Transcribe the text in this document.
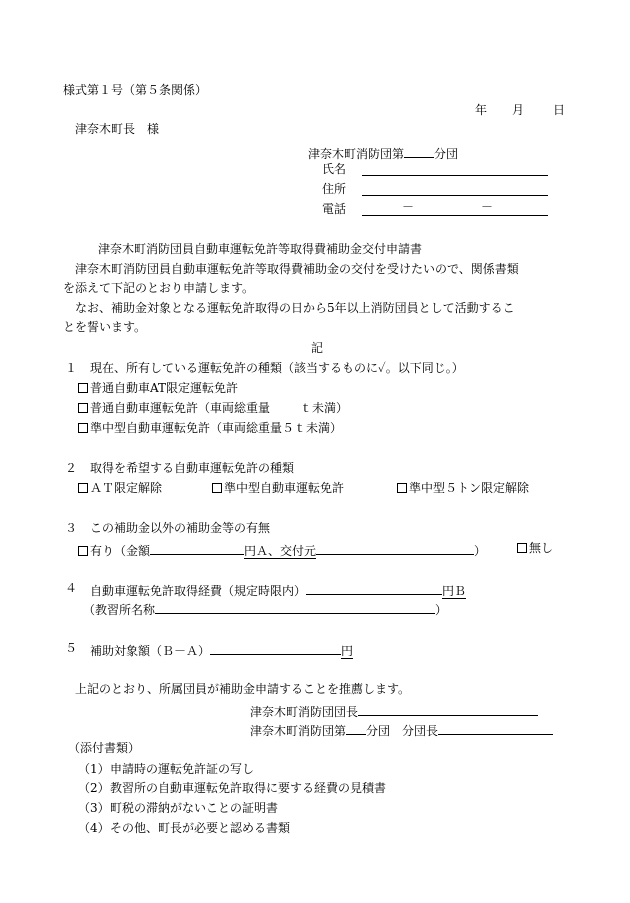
様式第１号（第５条関係）
年 月 日
津奈木町長　様
津奈木町消防団第	分団
氏名
住所
電話	－	－
津奈木町消防団員自動車運転免許等取得費補助金交付申請書
津奈木町消防団員自動車運転免許等取得費補助金の交付を受けたいので、関係書類
を添えて下記のとおり申請します。
なお、補助金対象となる運転免許取得の日から5年以上消防団員として活動するこ
とを誓います。
記
１ 現在、所有している運転免許の種類（該当するものに✓。以下同じ。）
普通自動車AT限定運転免許
普通自動車運転免許（車両総重量	ｔ未満）
準中型自動車運転免許（車両総重量５ｔ未満）
２ 取得を希望する自動車運転免許の種類
ＡＴ限定解除	準中型自動車運転免許	準中型５トン限定解除
３ この補助金以外の補助金等の有無
有り（金額	円Ａ、交付元	）	無し
４ 自動車運転免許取得経費（規定時限内）	円Ｂ
（教習所名称	）
５ 補助対象額（Ｂ－Ａ）	円
上記のとおり、所属団員が補助金申請することを推薦します。
津奈木町消防団団長
津奈木町消防団第 分団　分団長
（添付書類）
（1）申請時の運転免許証の写し
（2）教習所の自動車運転免許取得に要する経費の見積書
（3）町税の滞納がないことの証明書
（4）その他、町長が必要と認める書類
